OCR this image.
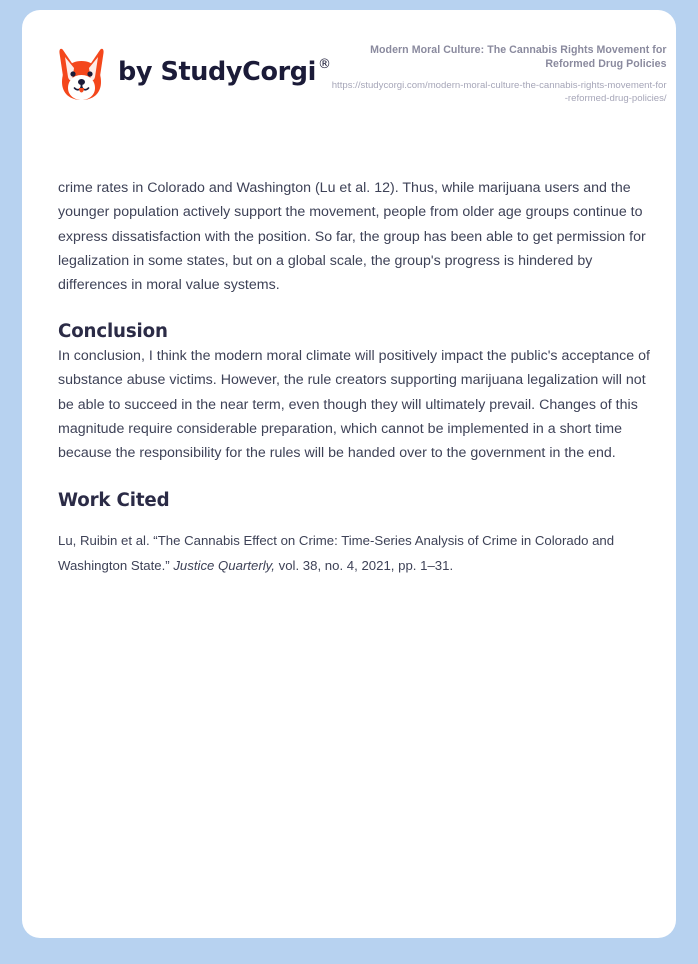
by StudyCorgi ®
Modern Moral Culture: The Cannabis Rights Movement for Reformed Drug Policies
https://studycorgi.com/modern-moral-culture-the-cannabis-rights-movement-for-reformed-drug-policies/

crime rates in Colorado and Washington (Lu et al. 12). Thus, while marijuana users and the younger population actively support the movement, people from older age groups continue to express dissatisfaction with the position. So far, the group has been able to get permission for legalization in some states, but on a global scale, the group's progress is hindered by differences in moral value systems.

Conclusion

In conclusion, I think the modern moral climate will positively impact the public's acceptance of substance abuse victims. However, the rule creators supporting marijuana legalization will not be able to succeed in the near term, even though they will ultimately prevail. Changes of this magnitude require considerable preparation, which cannot be implemented in a short time because the responsibility for the rules will be handed over to the government in the end.

Work Cited

Lu, Ruibin et al. “The Cannabis Effect on Crime: Time-Series Analysis of Crime in Colorado and Washington State.” Justice Quarterly, vol. 38, no. 4, 2021, pp. 1–31.
